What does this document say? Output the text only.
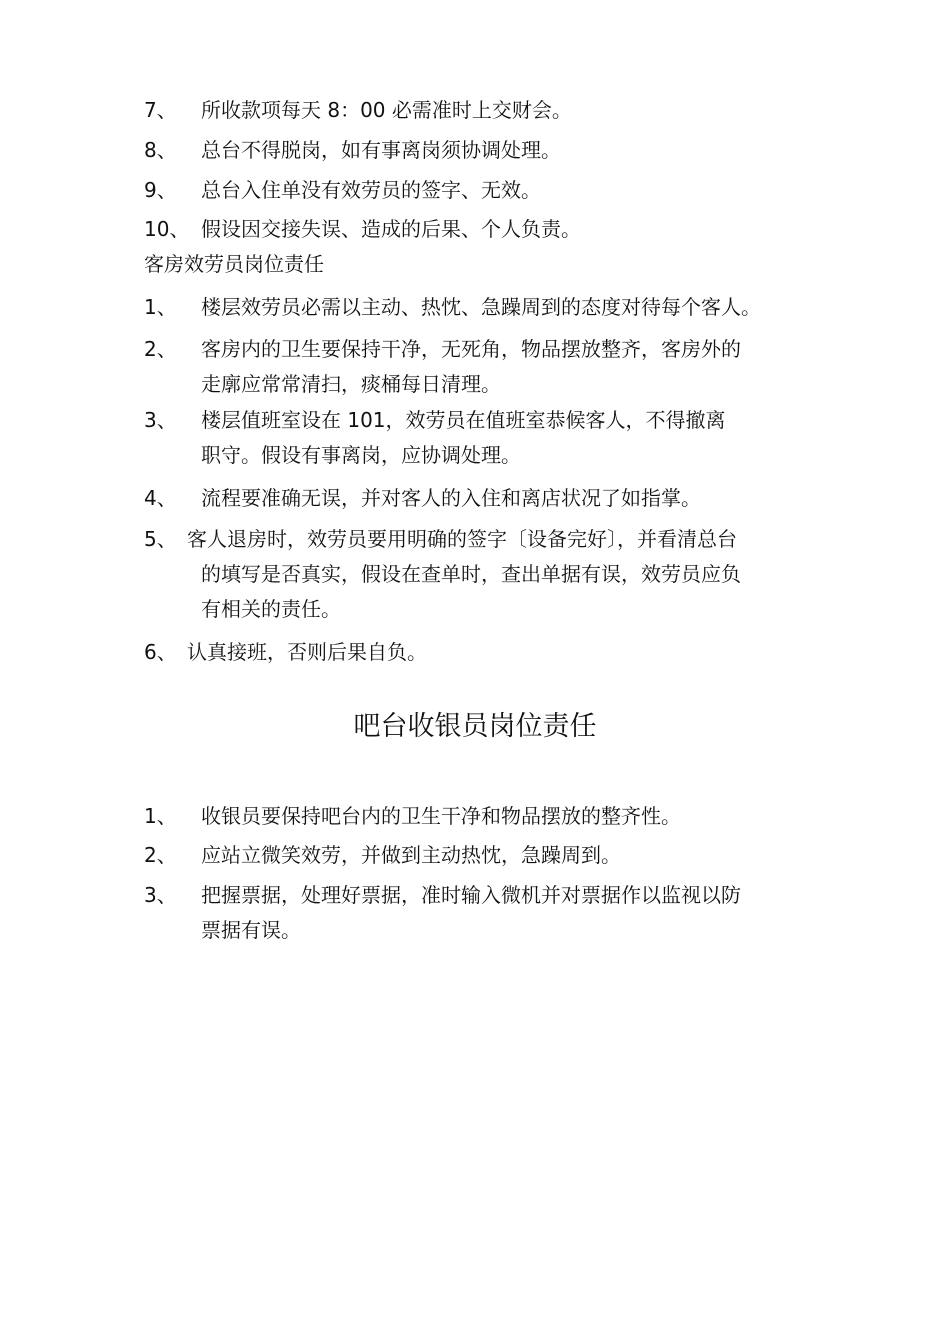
7、 所收款项每天 8：00 必需准时上交财会。
8、 总台不得脱岗，如有事离岗须协调处理。
9、 总台入住单没有效劳员的签字、无效。
10、 假设因交接失误、造成的后果、个人负责。
客房效劳员岗位责任
1、 楼层效劳员必需以主动、热忱、急躁周到的态度对待每个客人。
2、 客房内的卫生要保持干净，无死角，物品摆放整齐，客房外的
走廓应常常清扫，痰桶每日清理。
3、 楼层值班室设在 101，效劳员在值班室恭候客人，不得撤离
职守。假设有事离岗，应协调处理。
4、 流程要准确无误，并对客人的入住和离店状况了如指掌。
5、 客人退房时，效劳员要用明确的签字〔设备完好〕，并看清总台
的填写是否真实，假设在查单时，查出单据有误，效劳员应负
有相关的责任。
6、 认真接班，否则后果自负。
吧台收银员岗位责任
1、 收银员要保持吧台内的卫生干净和物品摆放的整齐性。
2、 应站立微笑效劳，并做到主动热忱，急躁周到。
3、 把握票据，处理好票据，准时输入微机并对票据作以监视以防
票据有误。
